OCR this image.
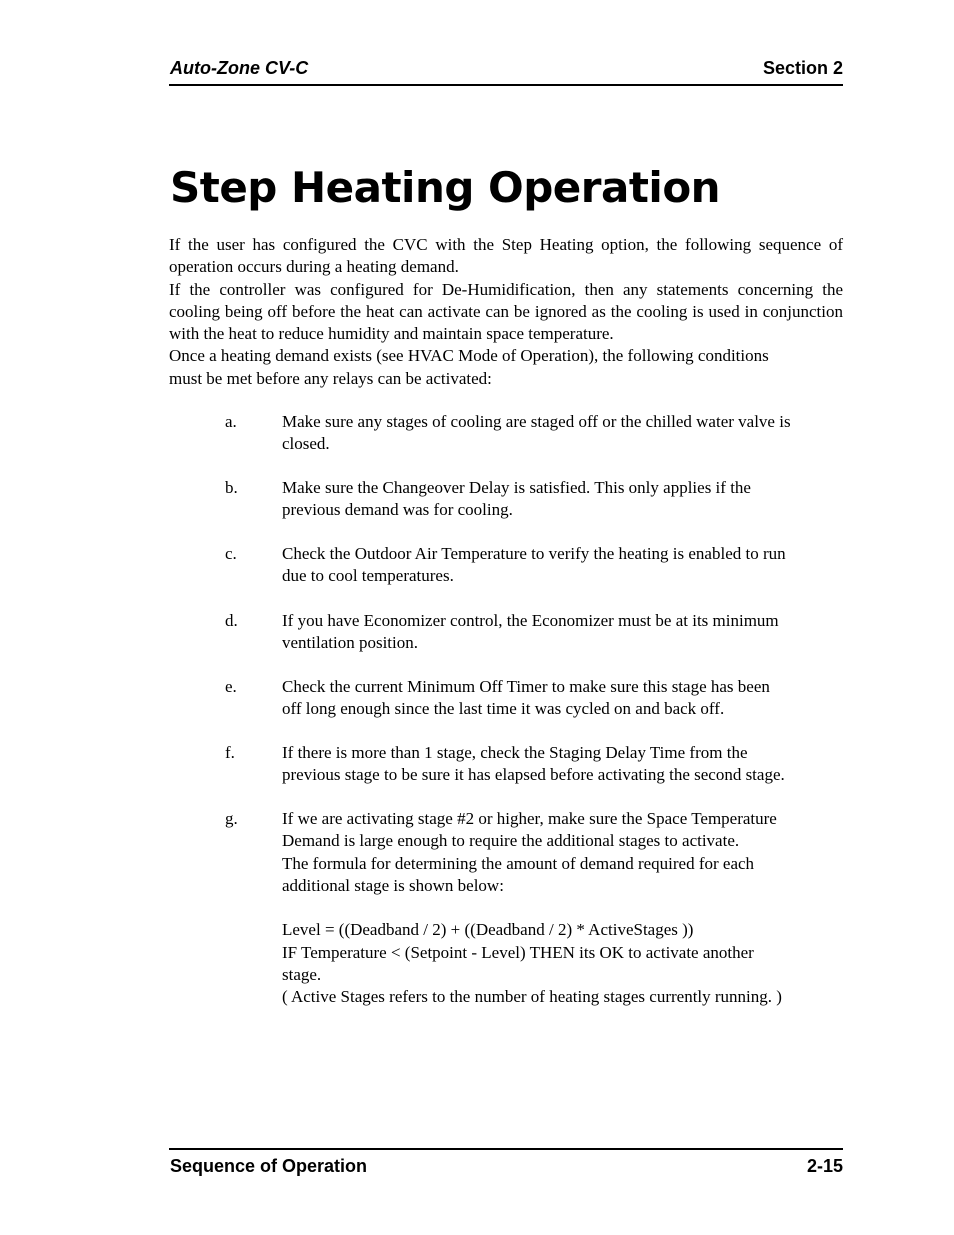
Auto-Zone CV-C	Section 2
Step Heating Operation

If the user has configured the CVC with the Step Heating option, the following sequence of operation occurs during a heating demand.

If the controller was configured for De-Humidification, then any statements concerning the cooling being off before the heat can activate can be ignored as the cooling is used in conjunction with the heat to reduce humidity and maintain space temperature.

Once a heating demand exists (see HVAC Mode of Operation), the following conditions
must be met before any relays can be activated:

a.	Make sure any stages of cooling are staged off or the chilled water valve is
closed.
b.	Make sure the Changeover Delay is satisfied. This only applies if the
previous demand was for cooling.
c.	Check the Outdoor Air Temperature to verify the heating is enabled to run
due to cool temperatures.
d.	If you have Economizer control, the Economizer must be at its minimum
ventilation position.
e.	Check the current Minimum Off Timer to make sure this stage has been
off long enough since the last time it was cycled on and back off.
f.	If there is more than 1 stage, check the Staging Delay Time from the
previous stage to be sure it has elapsed before activating the second stage.
g.	If we are activating stage #2 or higher, make sure the Space Temperature
Demand is large enough to require the additional stages to activate.
The formula for determining the amount of demand required for each
additional stage is shown below:
Level = ((Deadband / 2) + ((Deadband / 2) * ActiveStages ))
IF Temperature < (Setpoint - Level) THEN its OK to activate another
stage.
( Active Stages refers to the number of heating stages currently running. )
Sequence of Operation	2-15
